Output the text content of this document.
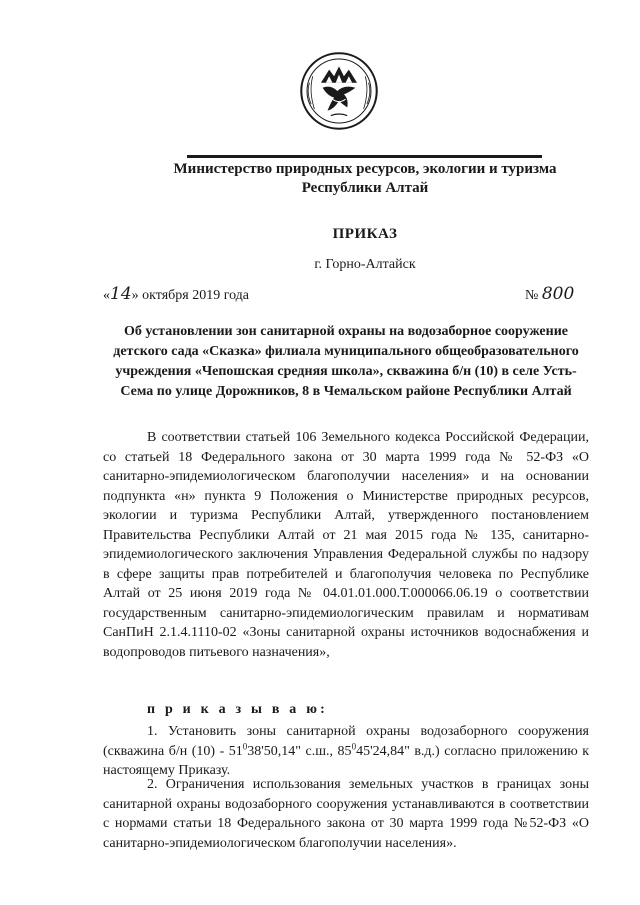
Министерство природных ресурсов, экологии и туризма Республики Алтай

ПРИКАЗ

г. Горно-Алтайск

«14» октября 2019 года	№ 800

Об установлении зон санитарной охраны на водозаборное сооружение детского сада «Сказка» филиала муниципального общеобразовательного учреждения «Чепошская средняя школа», скважина б/н (10) в селе Усть-Сема по улице Дорожников, 8 в Чемальском районе Республики Алтай

В соответствии статьей 106 Земельного кодекса Российской Федерации, со статьей 18 Федерального закона от 30 марта 1999 года № 52-ФЗ «О санитарно-эпидемиологическом благополучии населения» и на основании подпункта «н» пункта 9 Положения о Министерстве природных ресурсов, экологии и туризма Республики Алтай, утвержденного постановлением Правительства Республики Алтай от 21 мая 2015 года № 135, санитарно-эпидемиологического заключения Управления Федеральной службы по надзору в сфере защиты прав потребителей и благополучия человека по Республике Алтай от 25 июня 2019 года № 04.01.01.000.Т.000066.06.19 о соответствии государственным санитарно-эпидемиологическим правилам и нормативам СанПиН 2.1.4.1110-02 «Зоны санитарной охраны источников водоснабжения и водопроводов питьевого назначения»,

п р и к а з ы в а ю:

1. Установить зоны санитарной охраны водозаборного сооружения (скважина б/н $(10) - 51^038'50,14$" с.ш., $85^045'24,84$" в.д.) согласно приложению к настоящему Приказу.

2. Ограничения использования земельных участков в границах зоны санитарной охраны водозаборного сооружения устанавливаются в соответствии с нормами статьи 18 Федерального закона от 30 марта 1999 года №52-ФЗ «О санитарно-эпидемиологическом благополучии населения».
